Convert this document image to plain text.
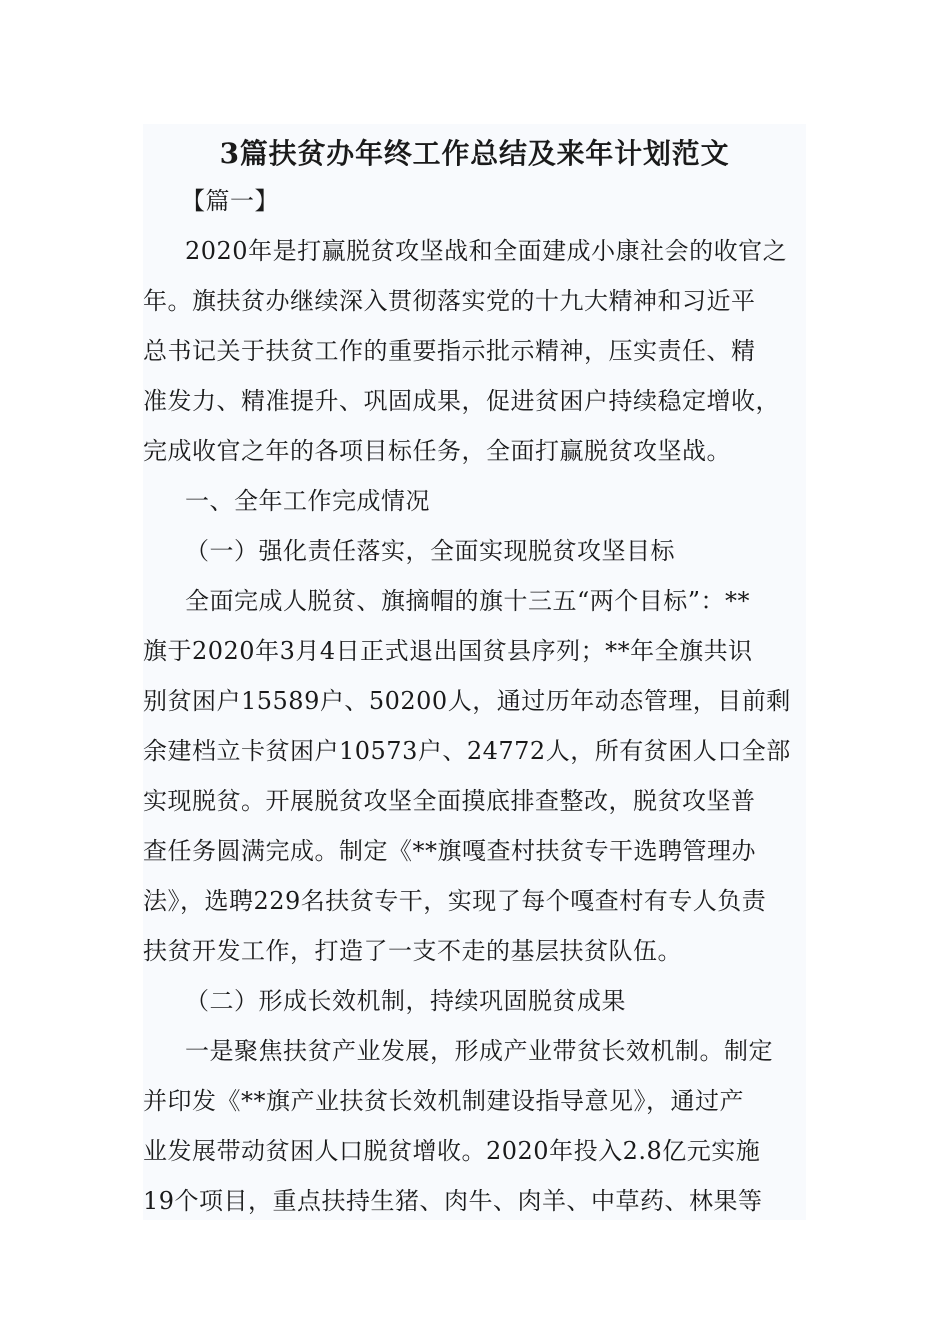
3篇扶贫办年终工作总结及来年计划范文

【篇一】

2020年是打赢脱贫攻坚战和全面建成小康社会的收官之

年。旗扶贫办继续深入贯彻落实党的十九大精神和习近平

总书记关于扶贫工作的重要指示批示精神，压实责任、精

准发力、精准提升、巩固成果，促进贫困户持续稳定增收，

完成收官之年的各项目标任务，全面打赢脱贫攻坚战。

一、全年工作完成情况

（一）强化责任落实，全面实现脱贫攻坚目标

全面完成人脱贫、旗摘帽的旗十三五“两个目标”：**

旗于2020年3月4日正式退出国贫县序列；**年全旗共识

别贫困户15589户、50200人，通过历年动态管理，目前剩

余建档立卡贫困户10573户、24772人，所有贫困人口全部

实现脱贫。开展脱贫攻坚全面摸底排查整改，脱贫攻坚普

查任务圆满完成。制定《**旗嘎查村扶贫专干选聘管理办

法》，选聘229名扶贫专干，实现了每个嘎查村有专人负责

扶贫开发工作，打造了一支不走的基层扶贫队伍。

（二）形成长效机制，持续巩固脱贫成果

一是聚焦扶贫产业发展，形成产业带贫长效机制。制定

并印发《**旗产业扶贫长效机制建设指导意见》，通过产

业发展带动贫困人口脱贫增收。2020年投入2.8亿元实施

19个项目，重点扶持生猪、肉牛、肉羊、中草药、林果等
